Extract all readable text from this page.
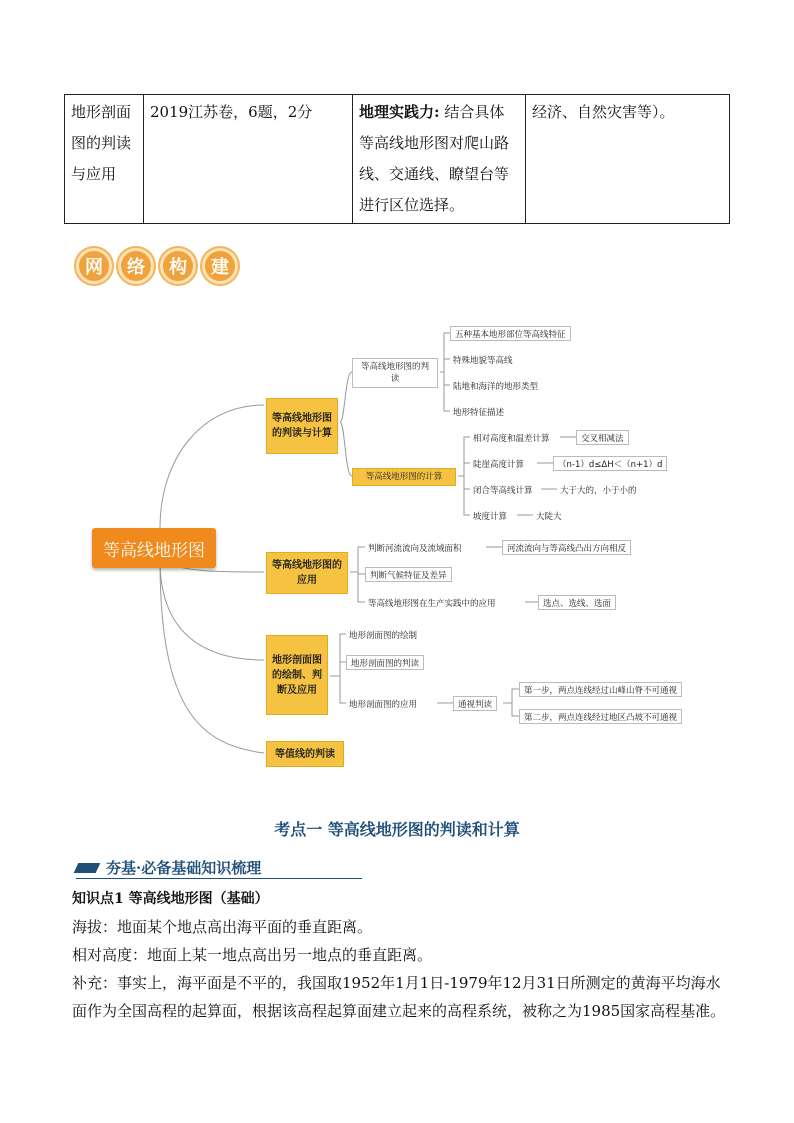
地形剖面
图的判读
与应用
	2019江苏卷，6题，2分	地理实践力: 结合具体等高线地形图对爬山路线、交通线、瞭望台等进行区位选择。	经济、自然灾害等）。
网	络	构	建
等高线地形图
等高线地形图的判读与计算
等高线地形图的判读
五种基本地形部位等高线特征
特殊地貌等高线
陆地和海洋的地形类型
地形特征描述
等高线地形图的计算
相对高度和温差计算
陡崖高度计算
闭合等高线计算
坡度计算
交叉相减法
（n-1）d≤ΔH＜（n+1）d
大于大的，小于小的
大陡大
等高线地形图的应用
判断河流流向及流域面积
判断气候特征及差异
等高线地形图在生产实践中的应用
河流流向与等高线凸出方向相反
选点、选线、选面
地形剖面图的绘制、判断及应用
地形剖面图的绘制
地形剖面图的判读
地形剖面图的应用	通视判读
第一步，两点连线经过山峰山脊不可通视
第二步，两点连线经过地区凸坡不可通视
等值线的判读
考点一 等高线地形图的判读和计算
夯基·必备基础知识梳理
知识点1 等高线地形图（基础）
海拔：地面某个地点高出海平面的垂直距离。
相对高度：地面上某一地点高出另一地点的垂直距离。
补充：事实上，海平面是不平的，我国取1952年1月1日-1979年12月31日所测定的黄海平均海水面作为全国高程的起算面，根据该高程起算面建立起来的高程系统，被称之为1985国家高程基准。
